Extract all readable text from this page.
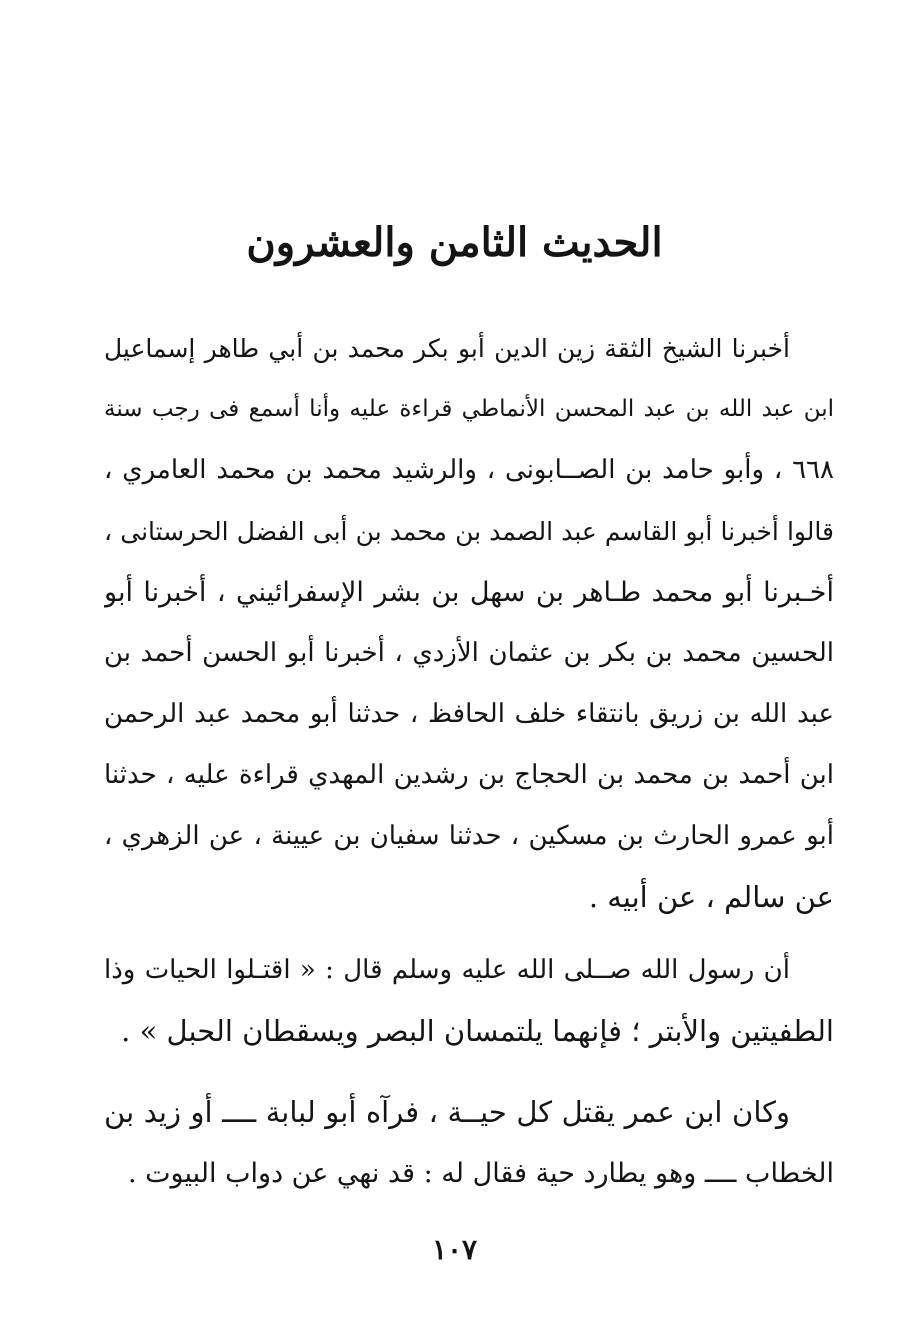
الحديث الثامن والعشرون
أخبرنا الشيخ الثقة زين الدين أبو بكر محمد بن أبي طاهر إسماعيل
ابن عبد الله بن عبد المحسن الأنماطي قراءة عليه وأنا أسمع فى رجب سنة
٦٦٨ ، وأبو حامد بن الصــابونى ، والرشيد محمد بن محمد العامري ،
قالوا أخبرنا أبو القاسم عبد الصمد بن محمد بن أبى الفضل الحرستانى ،
أخـبرنا أبو محمد طـاهر بن سهل بن بشر الإسفرائيني ، أخبرنا أبو
الحسين محمد بن بكر بن عثمان الأزدي ، أخبرنا أبو الحسن أحمد بن
عبد الله بن زريق بانتقاء خلف الحافظ ، حدثنا أبو محمد عبد الرحمن
ابن أحمد بن محمد بن الحجاج بن رشدين المهدي قراءة عليه ، حدثنا
أبو عمرو الحارث بن مسكين ، حدثنا سفيان بن عيينة ، عن الزهري ،
عن سالم ، عن أبيه .
أن رسول الله صــلى الله عليه وسلم قال : « اقتـلوا الحيات وذا
الطفيتين والأبتر ؛ فإنهما يلتمسان البصر ويسقطان الحبل » .
وكان ابن عمر يقتل كل حيــة ، فرآه أبو لبابة ــــ أو زيد بن
الخطاب ــــ وهو يطارد حية فقال له : قد نهي عن دواب البيوت .
١٠٧
